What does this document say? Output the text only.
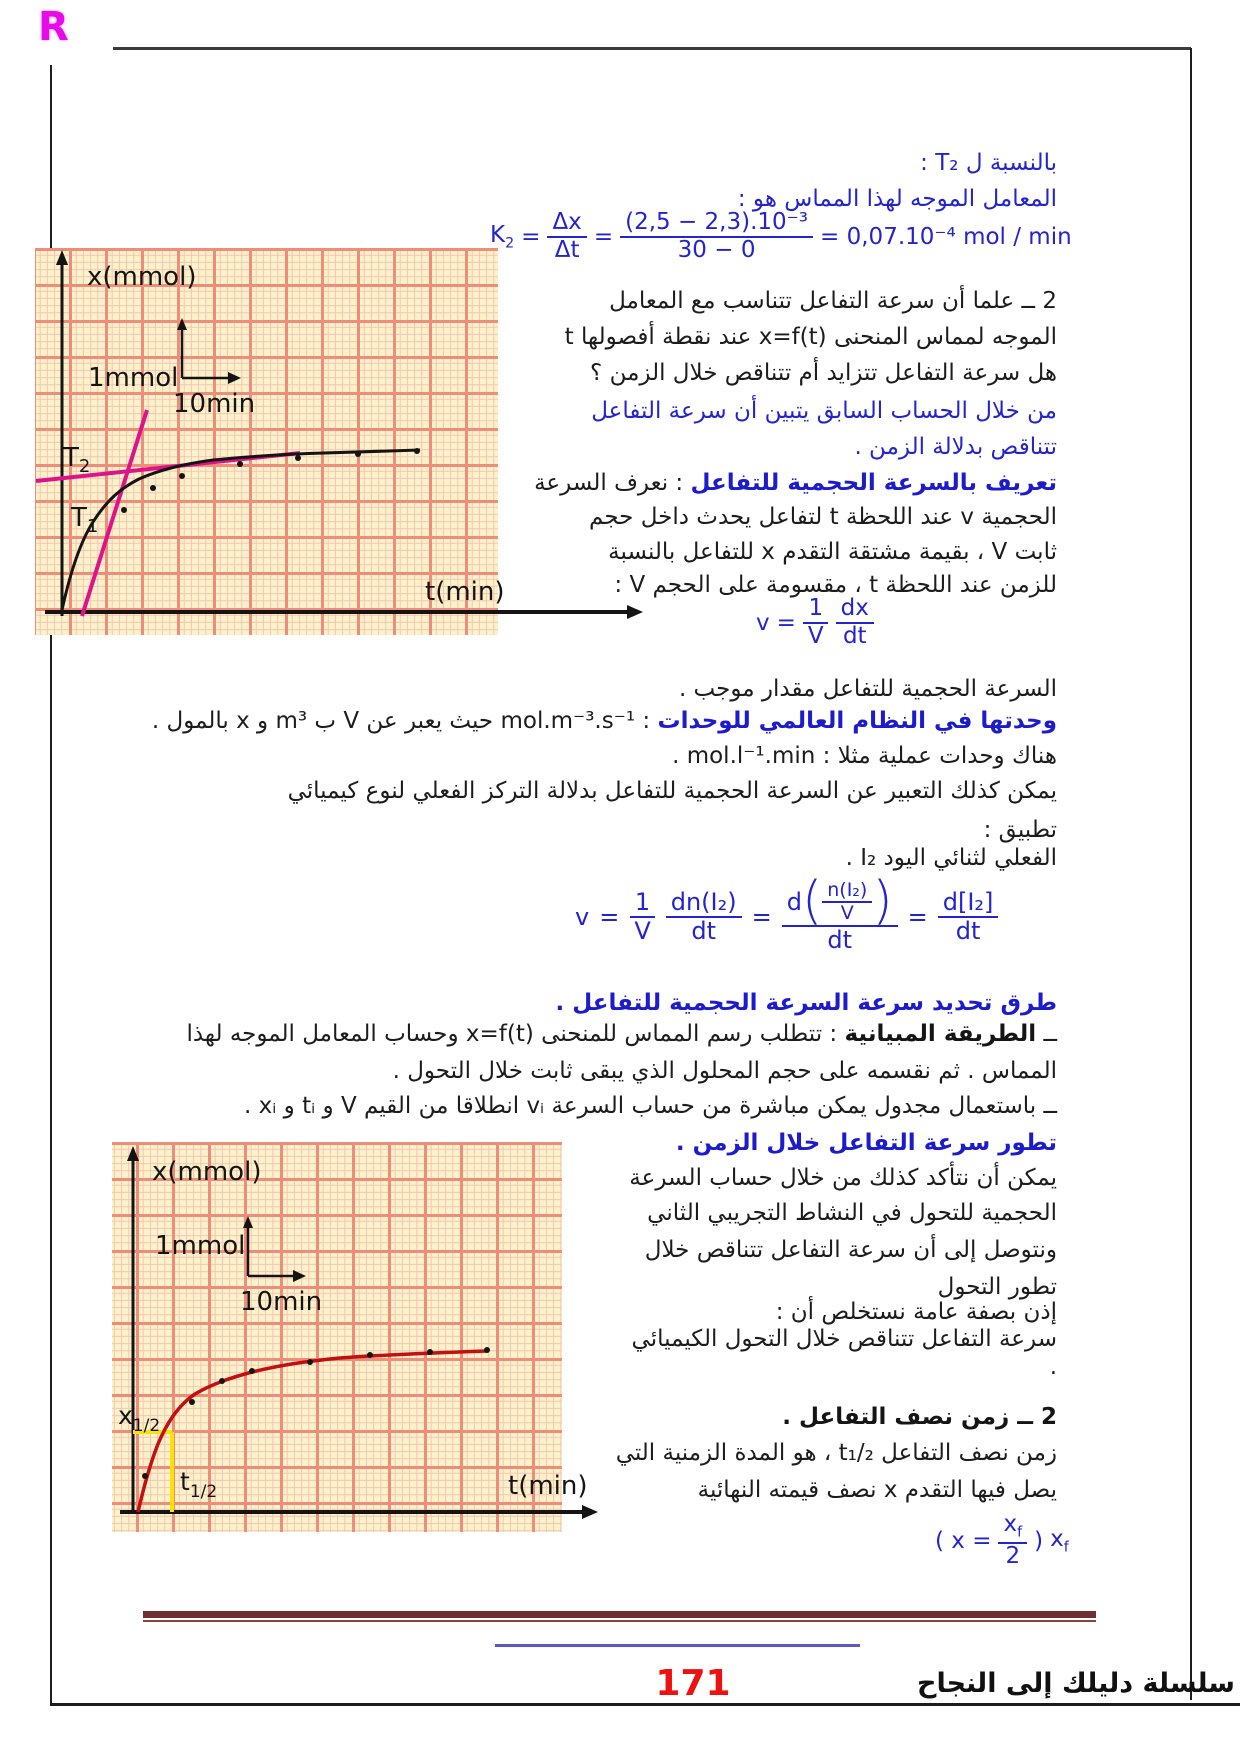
R
بالنسبة ل T₂ :
المعامل الموجه لهذا المماس هو :
$K_2 = \frac{\Delta x}{\Delta t} = \frac{\text{(2,5 − 2,3).10⁻³}}{30 - 0} = 0,07.10^{-4}$ mol / min
2 ــ علما أن سرعة التفاعل تتناسب مع المعامل
الموجه لمماس المنحنى x=f(t) عند نقطة أفصولها t
هل سرعة التفاعل تتزايد أم تتناقص خلال الزمن ؟
من خلال الحساب السابق يتبين أن سرعة التفاعل
تتناقص بدلالة الزمن .
تعريف بالسرعة الحجمية للتفاعل : نعرف السرعة
الحجمية v عند اللحظة t لتفاعل يحدث داخل حجم
ثابت V ، بقيمة مشتقة التقدم x للتفاعل بالنسبة
للزمن عند اللحظة t ، مقسومة على الحجم V :
$v = \frac{1}{V} \frac{dx}{dt}$
السرعة الحجمية للتفاعل مقدار موجب .
وحدتها في النظام العالمي للوحدات : mol.m⁻³.s⁻¹ حيث يعبر عن V ب m³ و x بالمول .
هناك وحدات عملية مثلا : mol.l⁻¹.min .
يمكن كذلك التعبير عن السرعة الحجمية للتفاعل بدلالة التركز الفعلي لنوع كيميائي
تطبيق :
الفعلي لثنائي اليود I₂ .
$v = \frac{1}{V} \frac{\text{dn(I₂)}}{dt} = \frac{d ( \frac{\text{n(I₂)}}{V} )}{dt} = \frac{\text{d[I₂]}}{dt}$
طرق تحديد سرعة السرعة الحجمية للتفاعل .
ــ الطريقة المبيانية : تتطلب رسم المماس للمنحنى x=f(t) وحساب المعامل الموجه لهذا
المماس . ثم نقسمه على حجم المحلول الذي يبقى ثابت خلال التحول .
ــ باستعمال مجدول يمكن مباشرة من حساب السرعة vᵢ انطلاقا من القيم V و tᵢ و xᵢ .
تطور سرعة التفاعل خلال الزمن .
يمكن أن نتأكد كذلك من خلال حساب السرعة
الحجمية للتحول في النشاط التجريبي الثاني
ونتوصل إلى أن سرعة التفاعل تتناقص خلال
تطور التحول
إذن بصفة عامة نستخلص أن :
سرعة التفاعل تتناقص خلال التحول الكيميائي
.
2 ــ زمن نصف التفاعل .
زمن نصف التفاعل t₁/₂ ، هو المدة الزمنية التي
يصل فيها التقدم x نصف قيمته النهائية
( $x = \frac{x_f}{2}$ ) $x_f$
x(mmol)
1mmol
10min
$T_2$
$T_1$
t(min)
x(mmol)
1mmol
10min
$x_{1/2}$
$t_{1/2}$	t(min)
171	سلسلة دليلك إلى النجاح
